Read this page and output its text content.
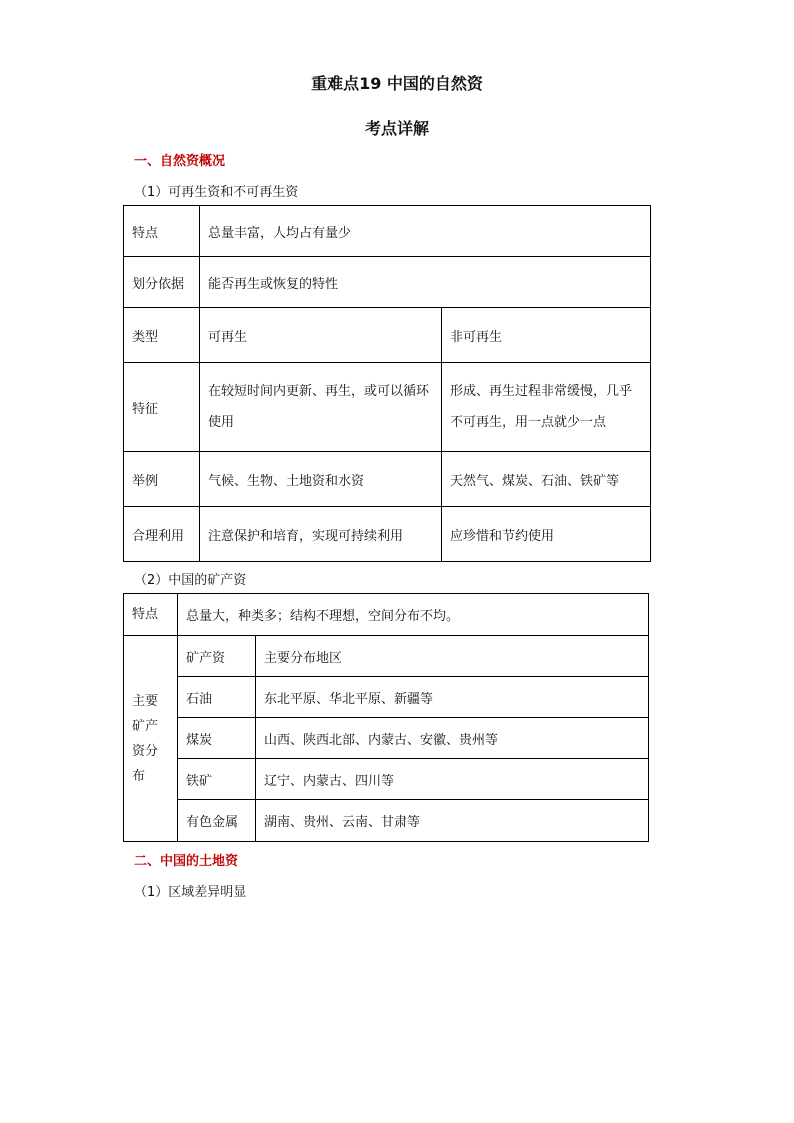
重难点19 中国的自然资
考点详解
一、自然资概况
（1）可再生资和不可再生资
特点	总量丰富，人均占有量少	
划分依据	能否再生或恢复的特性	
类型	可再生	非可再生
特征	在较短时间内更新、再生，或可以循环使用	形成、再生过程非常缓慢，几乎不可再生，用一点就少一点
举例	气候、生物、土地资和水资	天然气、煤炭、石油、铁矿等
合理利用	注意保护和培育，实现可持续利用	应珍惜和节约使用
（2）中国的矿产资
特点	总量大，种类多；结构不理想，空间分布不均。	
主要矿产资分布	矿产资	主要分布地区
	石油	东北平原、华北平原、新疆等
	煤炭	山西、陕西北部、内蒙古、安徽、贵州等
	铁矿	辽宁、内蒙古、四川等
	有色金属	湖南、贵州、云南、甘肃等
二、中国的土地资
（1）区域差异明显
